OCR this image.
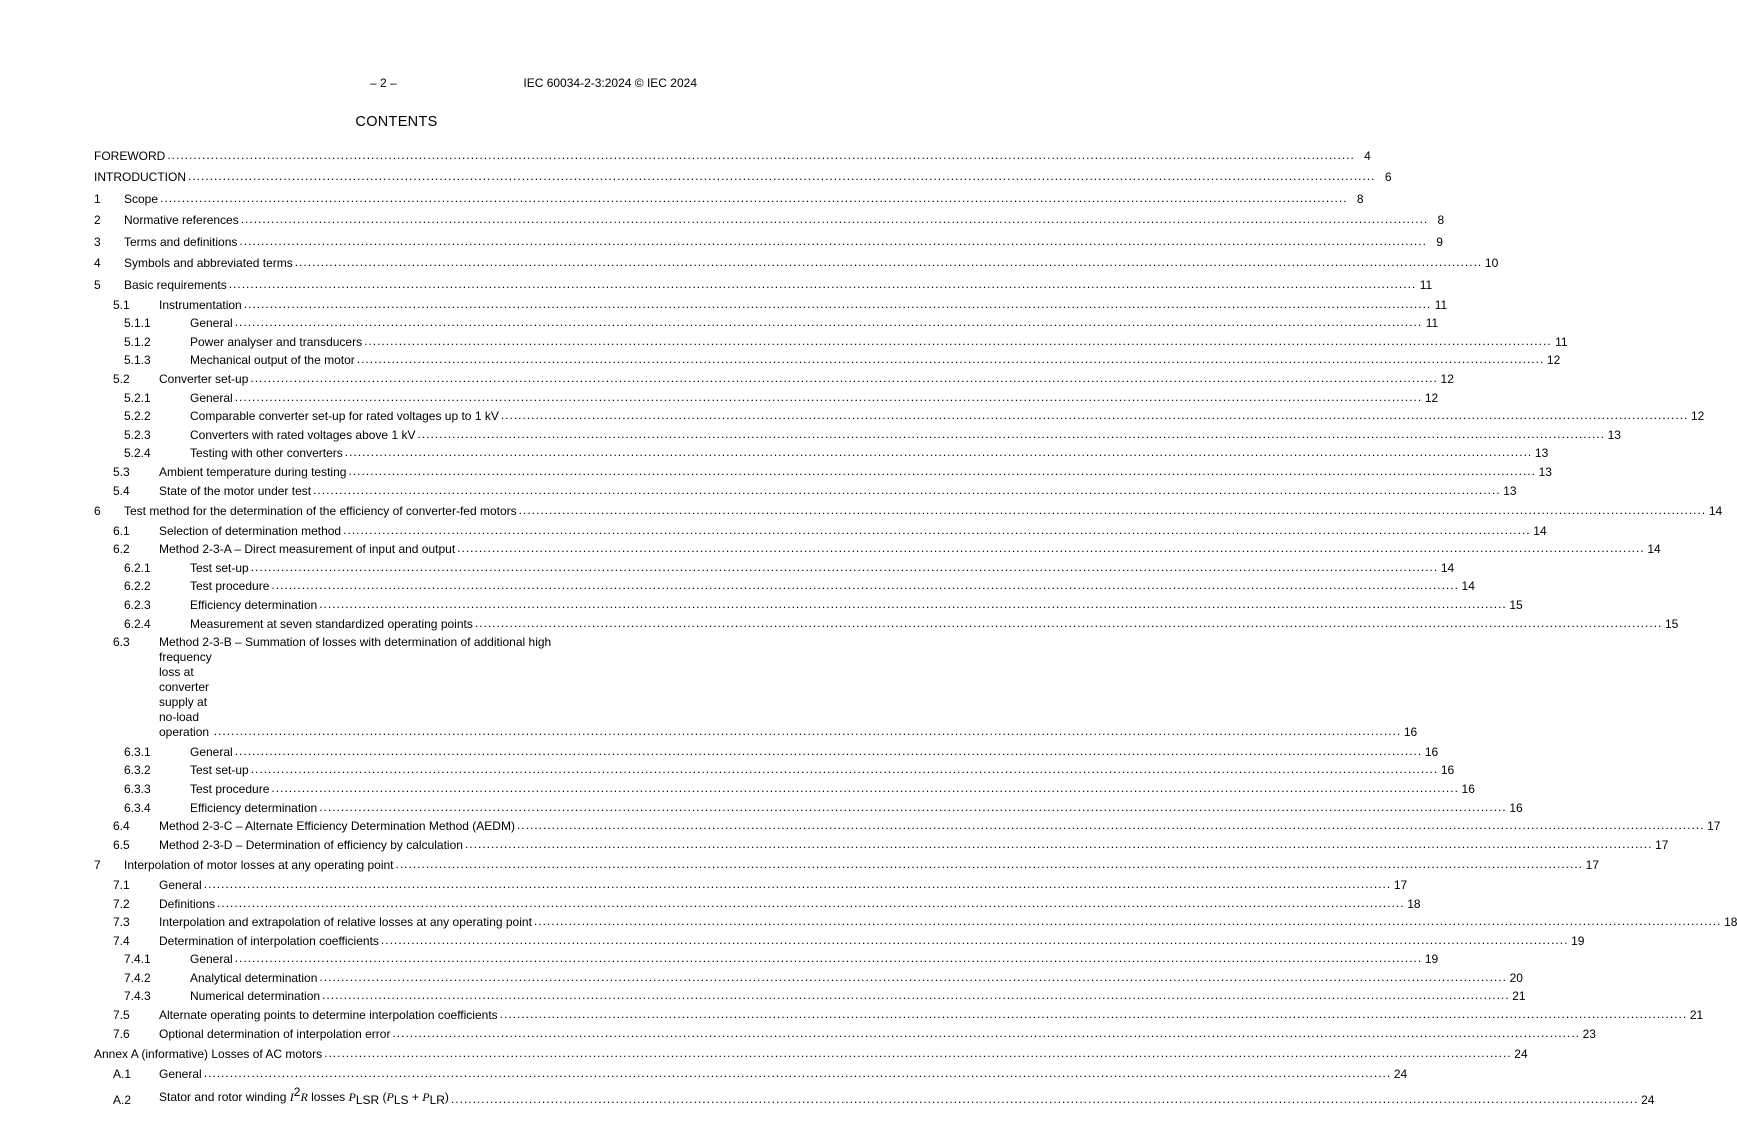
– 2 –	IEC 60034-2-3:2024 © IEC 2024
CONTENTS
FOREWORD .....	4
INTRODUCTION .....	6
1	Scope .....	8
2	Normative references .....	8
3	Terms and definitions .....	9
4	Symbols and abbreviated terms .....	10
5	Basic requirements .....	11
5.1	Instrumentation .....	11
5.1.1	General .....	11
5.1.2	Power analyser and transducers .....	11
5.1.3	Mechanical output of the motor .....	12
5.2	Converter set-up .....	12
5.2.1	General .....	12
5.2.2	Comparable converter set-up for rated voltages up to 1 kV .....	12
5.2.3	Converters with rated voltages above 1 kV .....	13
5.2.4	Testing with other converters .....	13
5.3	Ambient temperature during testing .....	13
5.4	State of the motor under test .....	13
6	Test method for the determination of the efficiency of converter-fed motors .....	14
6.1	Selection of determination method .....	14
6.2	Method 2-3-A – Direct measurement of input and output .....	14
6.2.1	Test set-up .....	14
6.2.2	Test procedure .....	14
6.2.3	Efficiency determination .....	15
6.2.4	Measurement at seven standardized operating points .....	15
6.3	Method 2-3-B – Summation of losses with determination of additional high
frequency loss at converter supply at no-load operation .....	16
6.3.1	General .....	16
6.3.2	Test set-up .....	16
6.3.3	Test procedure .....	16
6.3.4	Efficiency determination .....	16
6.4	Method 2-3-C – Alternate Efficiency Determination Method (AEDM) .....	17
6.5	Method 2-3-D – Determination of efficiency by calculation .....	17
7	Interpolation of motor losses at any operating point .....	17
7.1	General .....	17
7.2	Definitions .....	18
7.3	Interpolation and extrapolation of relative losses at any operating point .....	18
7.4	Determination of interpolation coefficients .....	19
7.4.1	General .....	19
7.4.2	Analytical determination .....	20
7.4.3	Numerical determination .....	21
7.5	Alternate operating points to determine interpolation coefficients .....	21
7.6	Optional determination of interpolation error .....	23
Annex A (informative) Losses of AC motors .....	24
A.1	General .....	24
A.2	Stator and rotor winding I2R losses PLSR (PLS + PLR) .....	24
